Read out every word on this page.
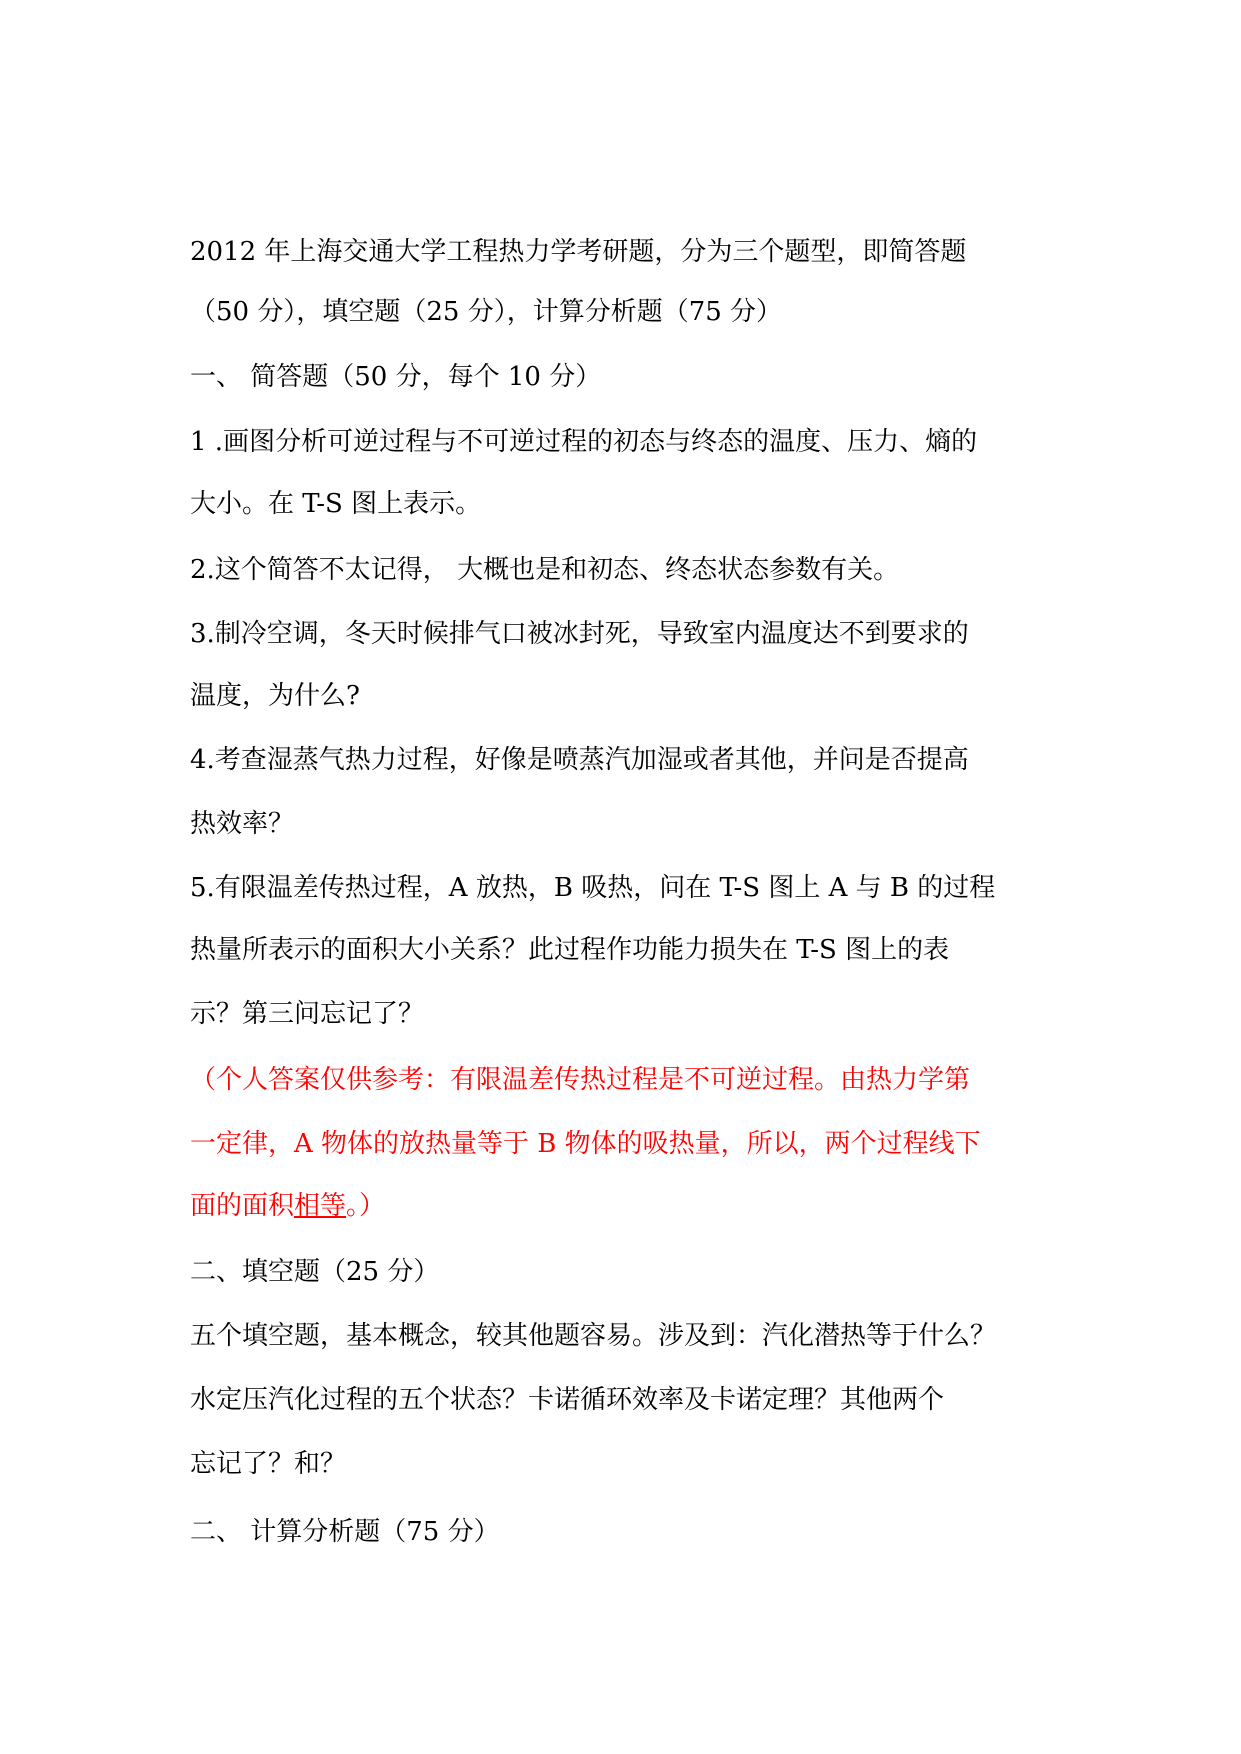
2012 年上海交通大学工程热力学考研题，分为三个题型，即简答题
（50 分），填空题（25 分），计算分析题（75 分）
一、 简答题（50 分，每个 10 分）
1 .画图分析可逆过程与不可逆过程的初态与终态的温度、压力、熵的
大小。在 T-S 图上表示。
2.这个简答不太记得， 大概也是和初态、终态状态参数有关。
3.制冷空调，冬天时候排气口被冰封死，导致室内温度达不到要求的
温度，为什么?
4.考查湿蒸气热力过程，好像是喷蒸汽加湿或者其他，并问是否提高
热效率？
5.有限温差传热过程，A 放热，B 吸热，问在 T-S 图上 A 与 B 的过程
热量所表示的面积大小关系？此过程作功能力损失在 T-S 图上的表
示？第三问忘记了？
（个人答案仅供参考：有限温差传热过程是不可逆过程。由热力学第
一定律，A 物体的放热量等于 B 物体的吸热量，所以，两个过程线下
面的面积相等。）
二、填空题（25 分）
五个填空题，基本概念，较其他题容易。涉及到：汽化潜热等于什么？
水定压汽化过程的五个状态？卡诺循环效率及卡诺定理？其他两个
忘记了？和？
二、 计算分析题（75 分）
